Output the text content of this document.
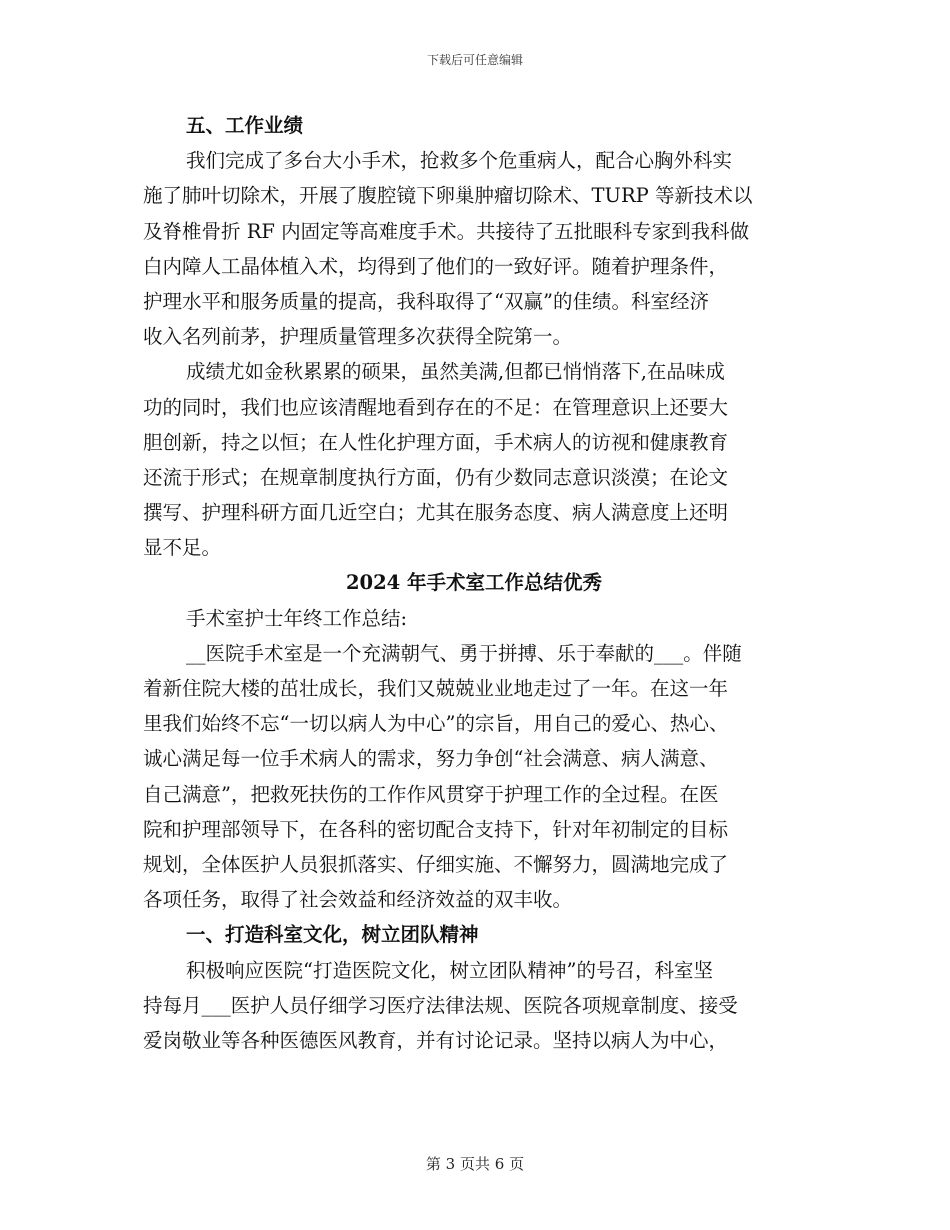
下载后可任意编辑
五、工作业绩
我们完成了多台大小手术，抢救多个危重病人，配合心胸外科实
施了肺叶切除术，开展了腹腔镜下卵巢肿瘤切除术、TURP 等新技术以
及脊椎骨折 RF 内固定等高难度手术。共接待了五批眼科专家到我科做
白内障人工晶体植入术，均得到了他们的一致好评。随着护理条件，
护理水平和服务质量的提高，我科取得了“双赢”的佳绩。科室经济
收入名列前茅，护理质量管理多次获得全院第一。
成绩尤如金秋累累的硕果，虽然美满,但都已悄悄落下,在品味成
功的同时，我们也应该清醒地看到存在的不足：在管理意识上还要大
胆创新，持之以恒；在人性化护理方面，手术病人的访视和健康教育
还流于形式；在规章制度执行方面，仍有少数同志意识淡漠；在论文
撰写、护理科研方面几近空白；尤其在服务态度、病人满意度上还明
显不足。
2024 年手术室工作总结优秀
手术室护士年终工作总结:
__医院手术室是一个充满朝气、勇于拼搏、乐于奉献的___。伴随
着新住院大楼的茁壮成长，我们又兢兢业业地走过了一年。在这一年
里我们始终不忘“一切以病人为中心”的宗旨，用自己的爱心、热心、
诚心满足每一位手术病人的需求，努力争创“社会满意、病人满意、
自己满意”，把救死扶伤的工作作风贯穿于护理工作的全过程。在医
院和护理部领导下，在各科的密切配合支持下，针对年初制定的目标
规划，全体医护人员狠抓落实、仔细实施、不懈努力，圆满地完成了
各项任务，取得了社会效益和经济效益的双丰收。
一、打造科室文化，树立团队精神
积极响应医院“打造医院文化，树立团队精神”的号召，科室坚
持每月___医护人员仔细学习医疗法律法规、医院各项规章制度、接受
爱岗敬业等各种医德医风教育，并有讨论记录。坚持以病人为中心，
第 3 页共 6 页
